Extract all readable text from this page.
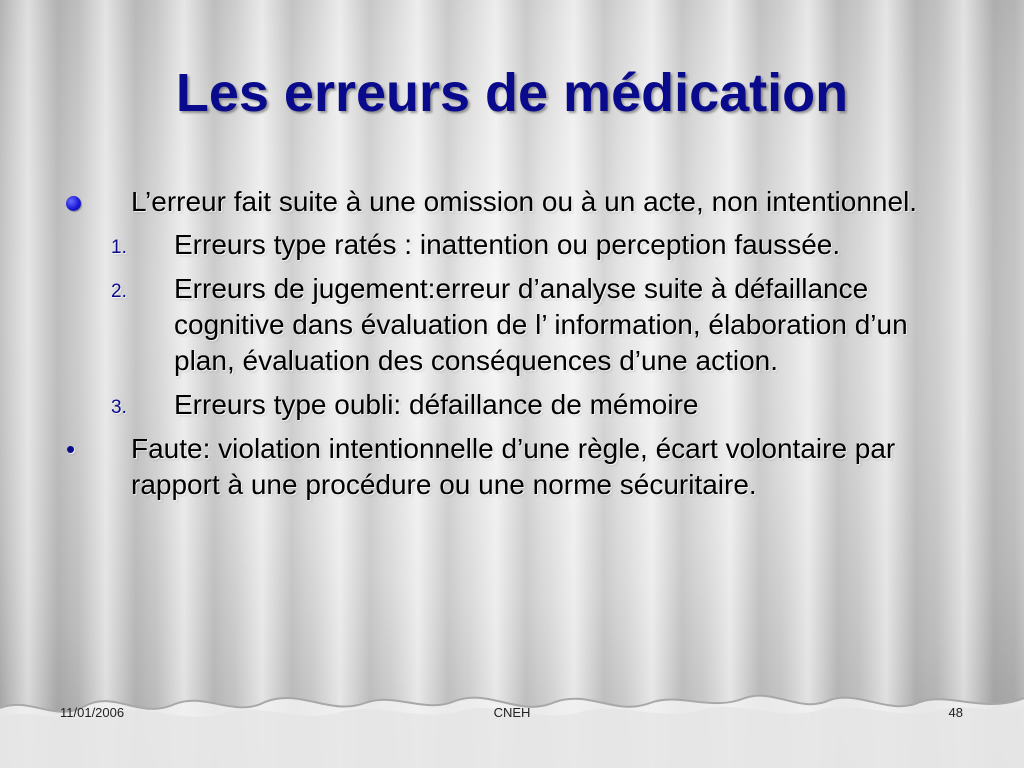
Les erreurs de médication
L’erreur fait suite à une omission ou à un acte, non intentionnel.
1. Erreurs type ratés : inattention ou perception faussée.
2. Erreurs de jugement:erreur d’analyse suite à défaillance cognitive dans évaluation de l’ information, élaboration d’un plan, évaluation des conséquences d’une action.
3. Erreurs type oubli: défaillance de mémoire
• Faute: violation intentionnelle d’une règle, écart volontaire par rapport à une procédure ou une norme sécuritaire.
11/01/2006	CNEH	48
